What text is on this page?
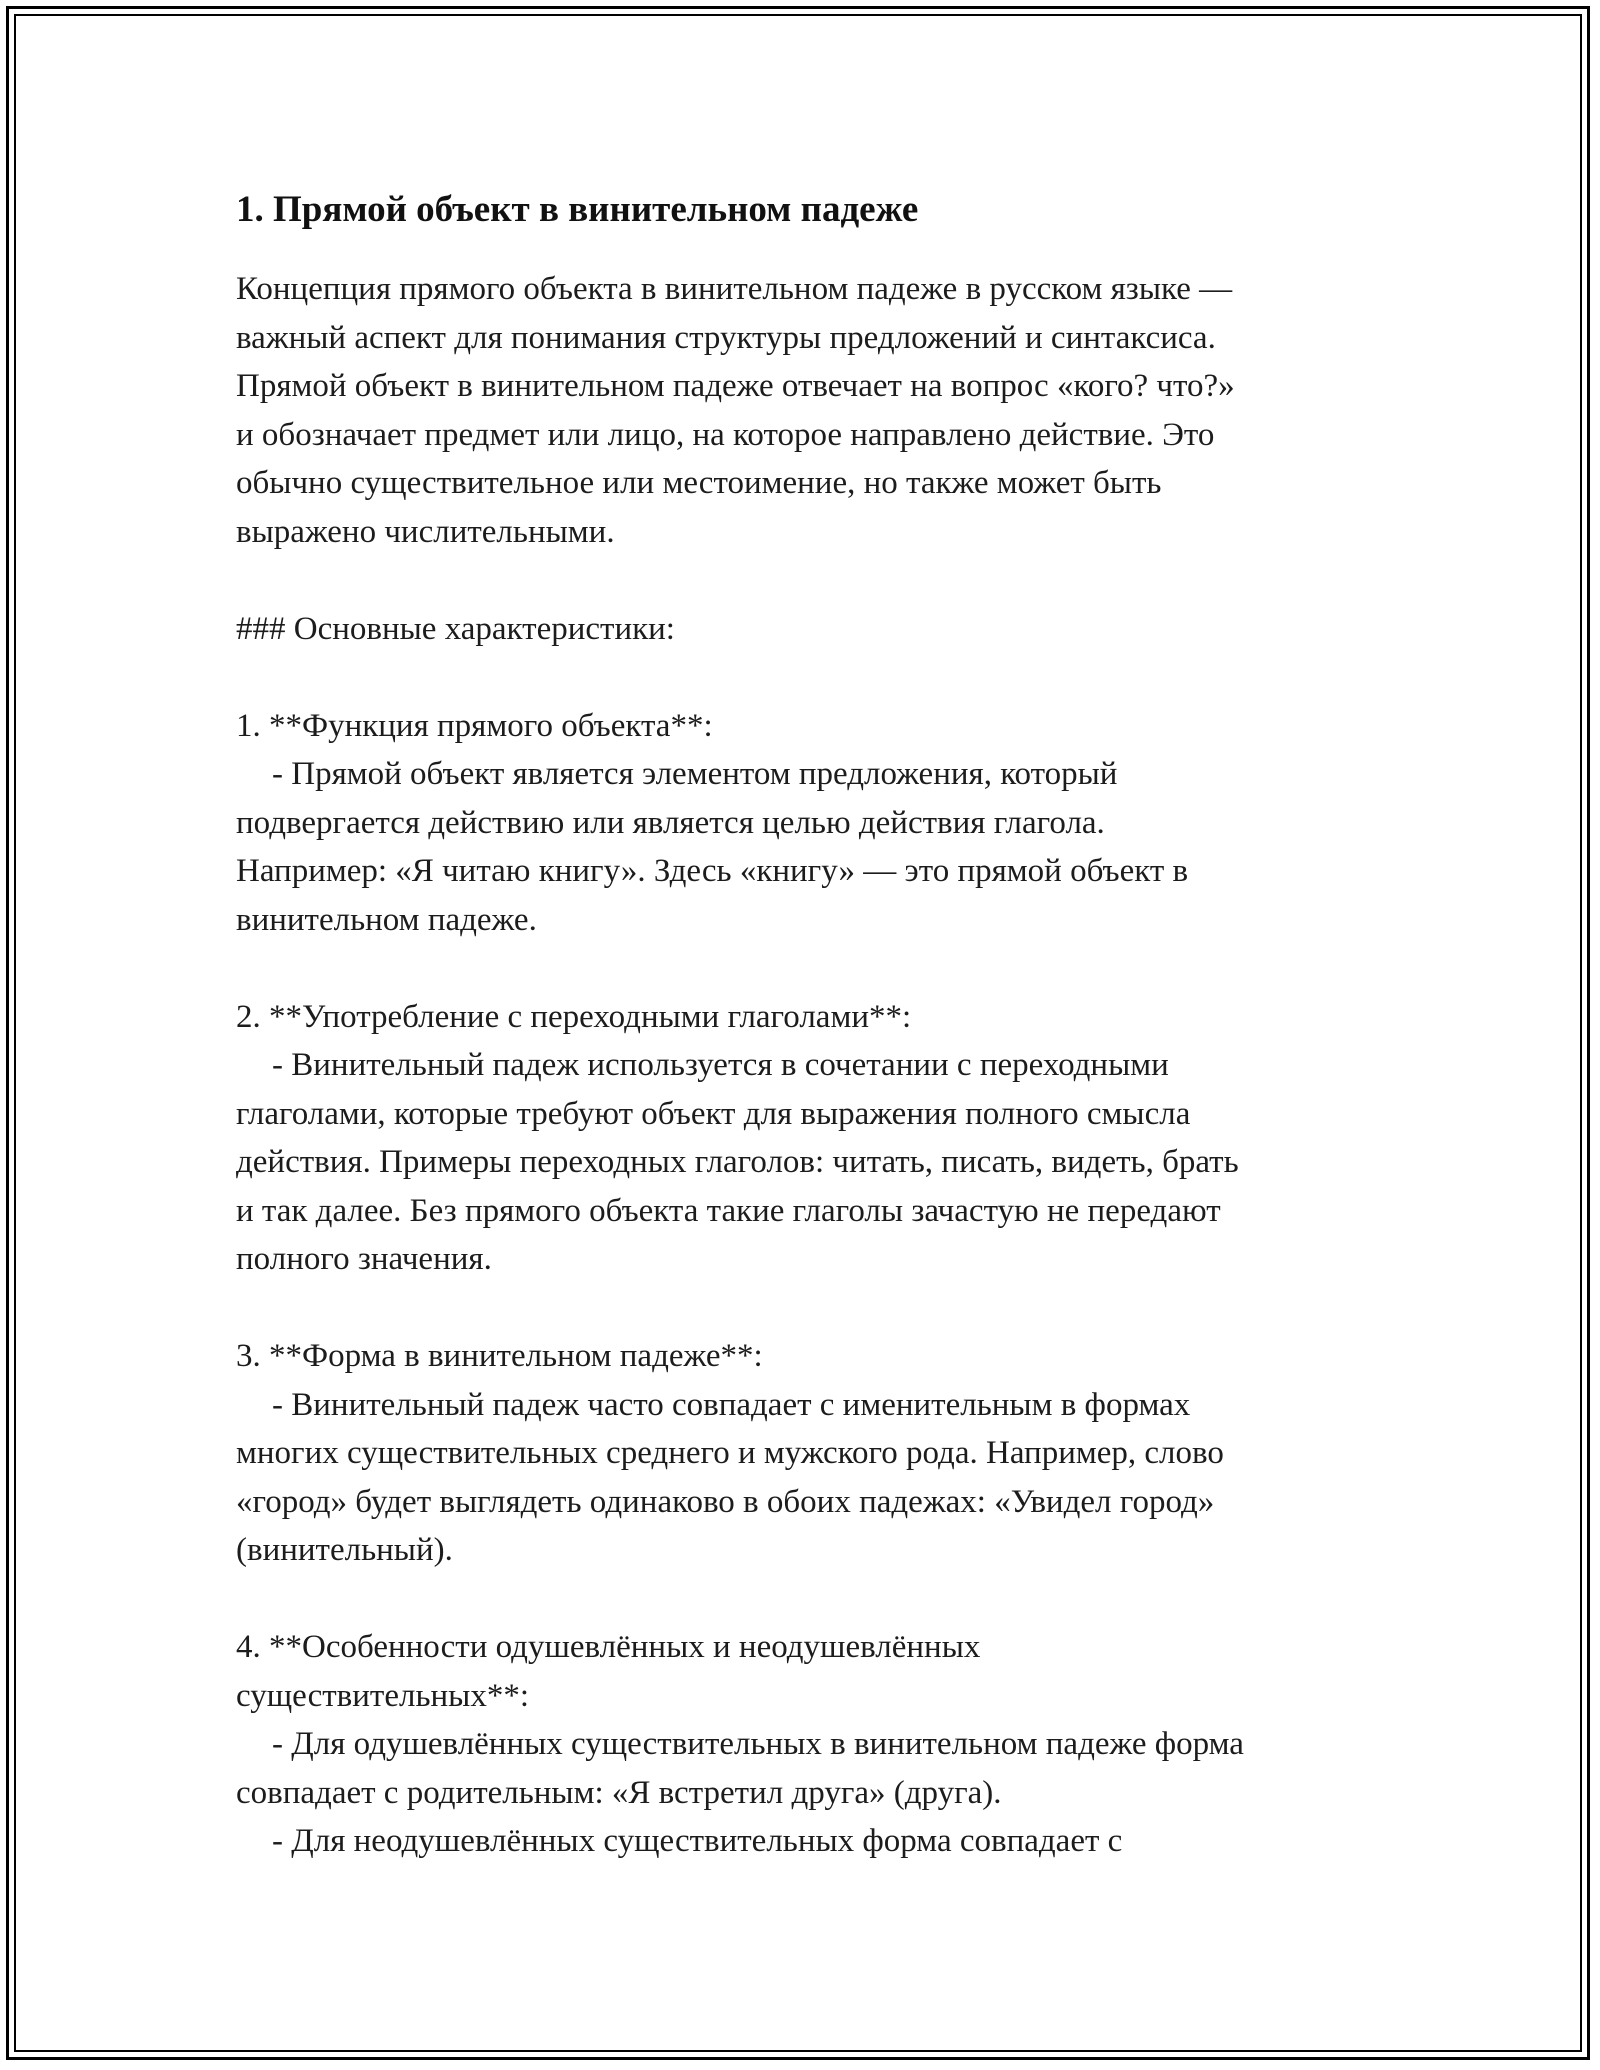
1. Прямой объект в винительном падеже

Концепция прямого объекта в винительном падеже в русском языке —
важный аспект для понимания структуры предложений и синтаксиса.
Прямой объект в винительном падеже отвечает на вопрос «кого? что?»
и обозначает предмет или лицо, на которое направлено действие. Это
обычно существительное или местоимение, но также может быть
выражено числительными.

### Основные характеристики:

1. **Функция прямого объекта**:

- Прямой объект является элементом предложения, который

подвергается действию или является целью действия глагола.
Например: «Я читаю книгу». Здесь «книгу» — это прямой объект в
винительном падеже.

2. **Употребление с переходными глаголами**:

- Винительный падеж используется в сочетании с переходными

глаголами, которые требуют объект для выражения полного смысла
действия. Примеры переходных глаголов: читать, писать, видеть, брать
и так далее. Без прямого объекта такие глаголы зачастую не передают
полного значения.

3. **Форма в винительном падеже**:

- Винительный падеж часто совпадает с именительным в формах

многих существительных среднего и мужского рода. Например, слово
«город» будет выглядеть одинаково в обоих падежах: «Увидел город»
(винительный).

4. **Особенности одушевлённых и неодушевлённых
существительных**:

- Для одушевлённых существительных в винительном падеже форма

совпадает с родительным: «Я встретил друга» (друга).

- Для неодушевлённых существительных форма совпадает с
